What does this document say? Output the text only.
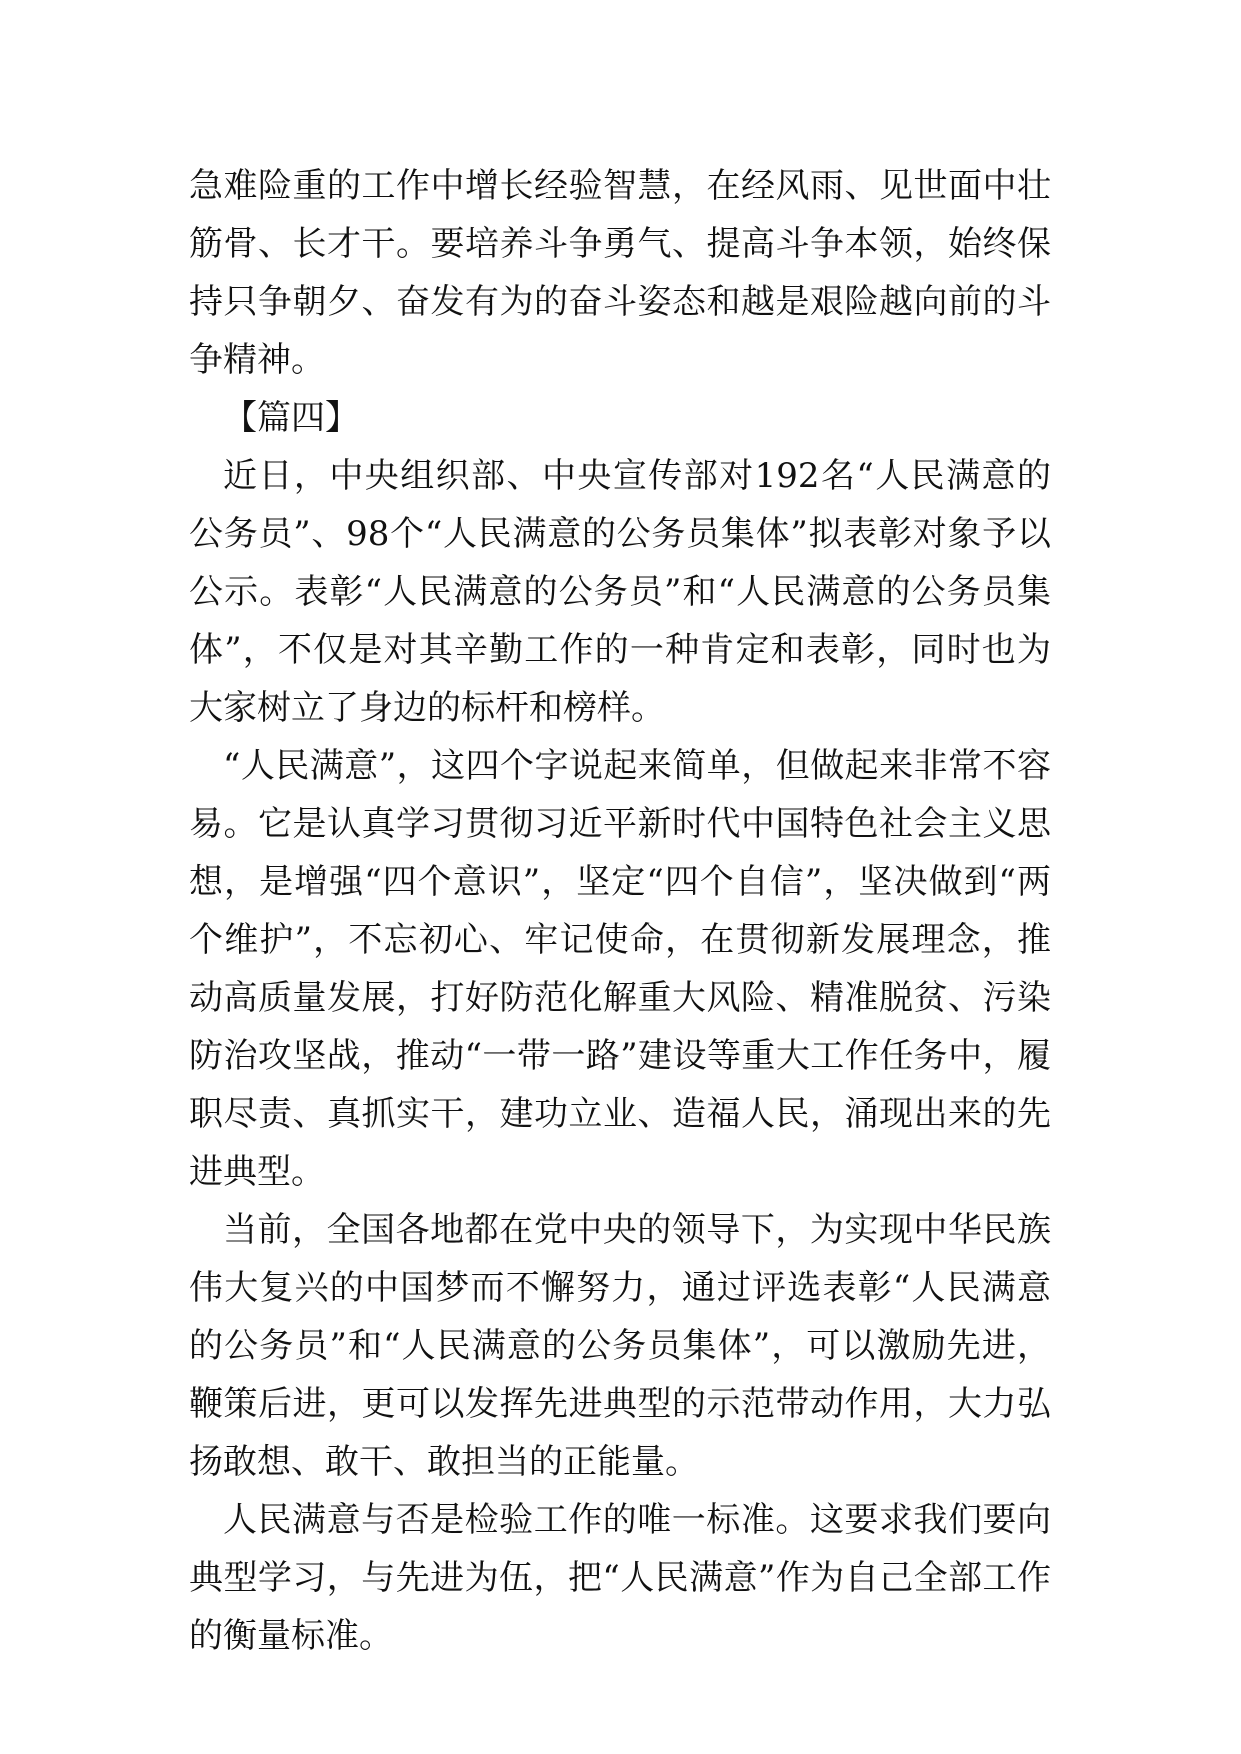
急难险重的工作中增长经验智慧，在经风雨、见世面中壮筋骨、长才干。要培养斗争勇气、提高斗争本领，始终保持只争朝夕、奋发有为的奋斗姿态和越是艰险越向前的斗争精神。

【篇四】

近日，中央组织部、中央宣传部对192名“人民满意的公务员”、98个“人民满意的公务员集体”拟表彰对象予以公示。表彰“人民满意的公务员”和“人民满意的公务员集体”，不仅是对其辛勤工作的一种肯定和表彰，同时也为大家树立了身边的标杆和榜样。

“人民满意”，这四个字说起来简单，但做起来非常不容易。它是认真学习贯彻习近平新时代中国特色社会主义思想，是增强“四个意识”，坚定“四个自信”，坚决做到“两个维护”，不忘初心、牢记使命，在贯彻新发展理念，推动高质量发展，打好防范化解重大风险、精准脱贫、污染防治攻坚战，推动“一带一路”建设等重大工作任务中，履职尽责、真抓实干，建功立业、造福人民，涌现出来的先进典型。

当前，全国各地都在党中央的领导下，为实现中华民族伟大复兴的中国梦而不懈努力，通过评选表彰“人民满意的公务员”和“人民满意的公务员集体”，可以激励先进，鞭策后进，更可以发挥先进典型的示范带动作用，大力弘扬敢想、敢干、敢担当的正能量。

人民满意与否是检验工作的唯一标准。这要求我们要向典型学习，与先进为伍，把“人民满意”作为自己全部工作的衡量标准。
